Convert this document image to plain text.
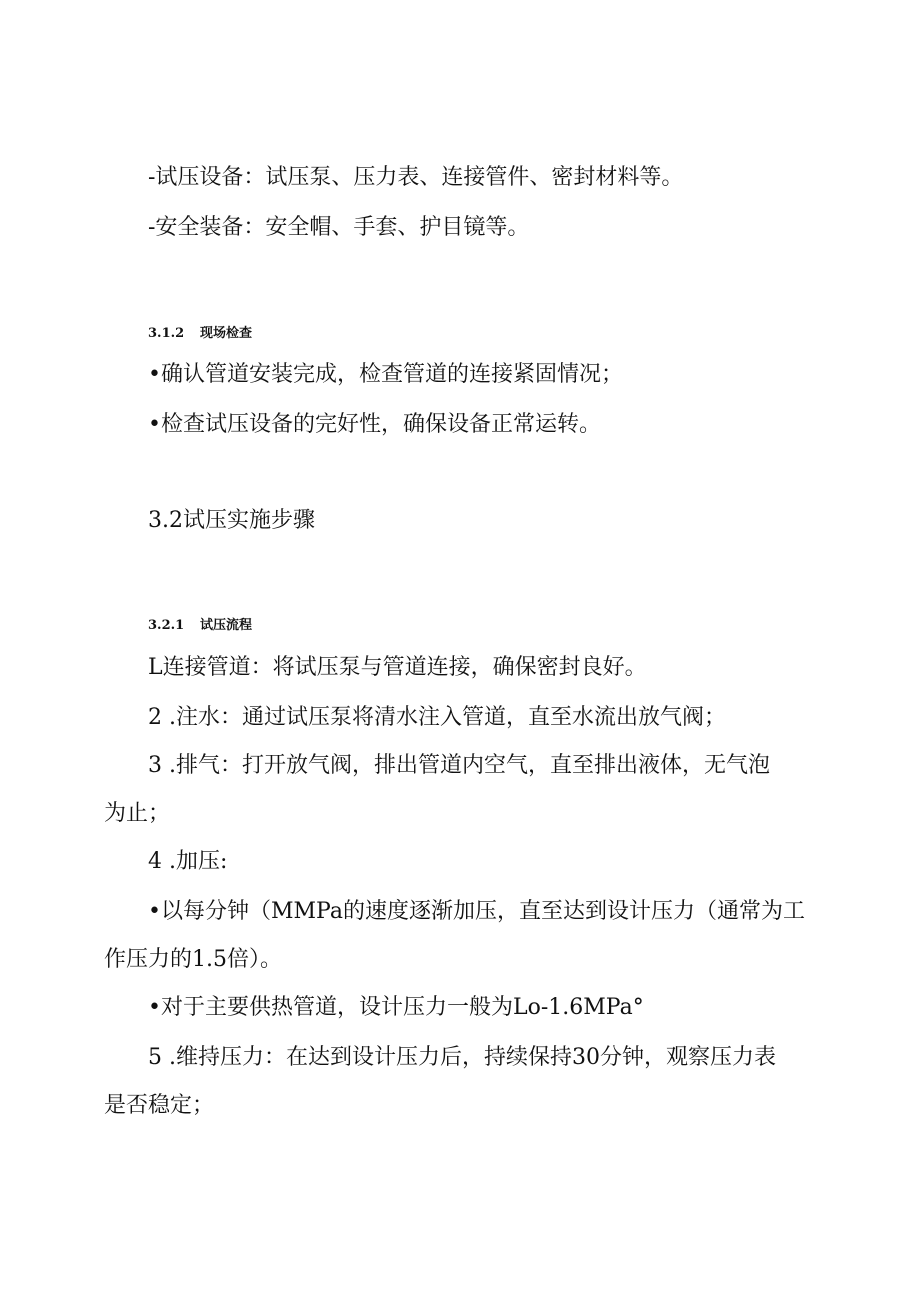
-试压设备：试压泵、压力表、连接管件、密封材料等。
-安全装备：安全帽、手套、护目镜等。
3.1.2 现场检查
•确认管道安装完成，检查管道的连接紧固情况；
•检查试压设备的完好性，确保设备正常运转。
3.2试压实施步骤
3.2.1 试压流程
L连接管道：将试压泵与管道连接，确保密封良好。
2 .注水：通过试压泵将清水注入管道，直至水流出放气阀；
3 .排气：打开放气阀，排出管道内空气，直至排出液体，无气泡
为止；
4 .加压:
•以每分钟（MMPa的速度逐渐加压，直至达到设计压力（通常为工
作压力的1.5倍）。
•对于主要供热管道，设计压力一般为Lo-1.6MPa°
5 .维持压力：在达到设计压力后，持续保持30分钟，观察压力表
是否稳定；
